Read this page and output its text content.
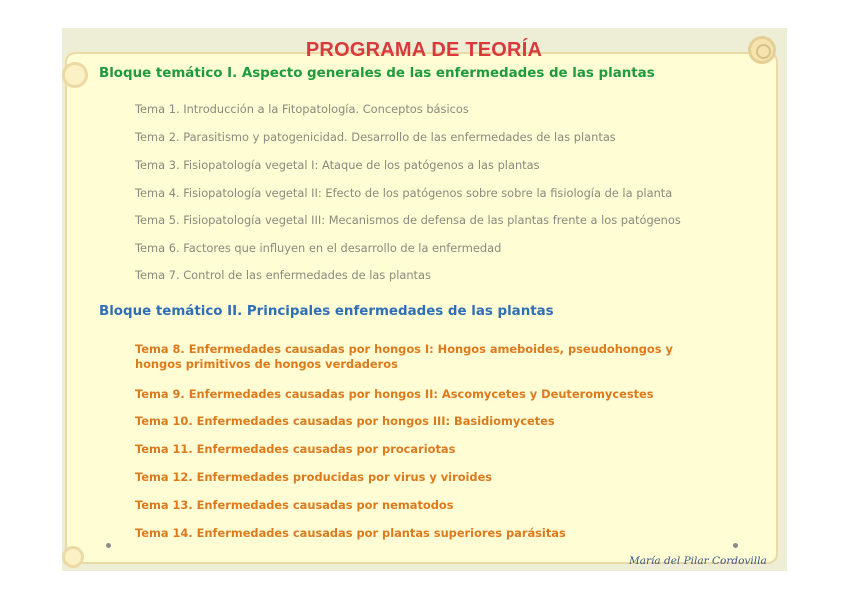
PROGRAMA DE TEORÍA
Bloque temático I. Aspecto generales de las enfermedades de las plantas

Tema 1. Introducción a la Fitopatología. Conceptos básicos

Tema 2. Parasitismo y patogenicidad. Desarrollo de las enfermedades de las plantas

Tema 3. Fisiopatología vegetal I: Ataque de los patógenos a las plantas

Tema 4. Fisiopatología vegetal II: Efecto de los patógenos sobre sobre la fisiología de la planta

Tema 5. Fisiopatología vegetal III: Mecanismos de defensa de las plantas frente a los patógenos

Tema 6. Factores que influyen en el desarrollo de la enfermedad

Tema 7. Control de las enfermedades de las plantas

Bloque temático II. Principales enfermedades de las plantas

Tema 8. Enfermedades causadas por hongos I: Hongos ameboides, pseudohongos y hongos primitivos de hongos verdaderos

Tema 9. Enfermedades causadas por hongos II: Ascomycetes y Deuteromycestes

Tema 10. Enfermedades causadas por hongos III: Basidiomycetes

Tema 11. Enfermedades causadas por procariotas

Tema 12. Enfermedades producidas por virus y viroides

Tema 13. Enfermedades causadas por nematodos

Tema 14. Enfermedades causadas por plantas superiores parásitas

María del Pilar Cordovilla
